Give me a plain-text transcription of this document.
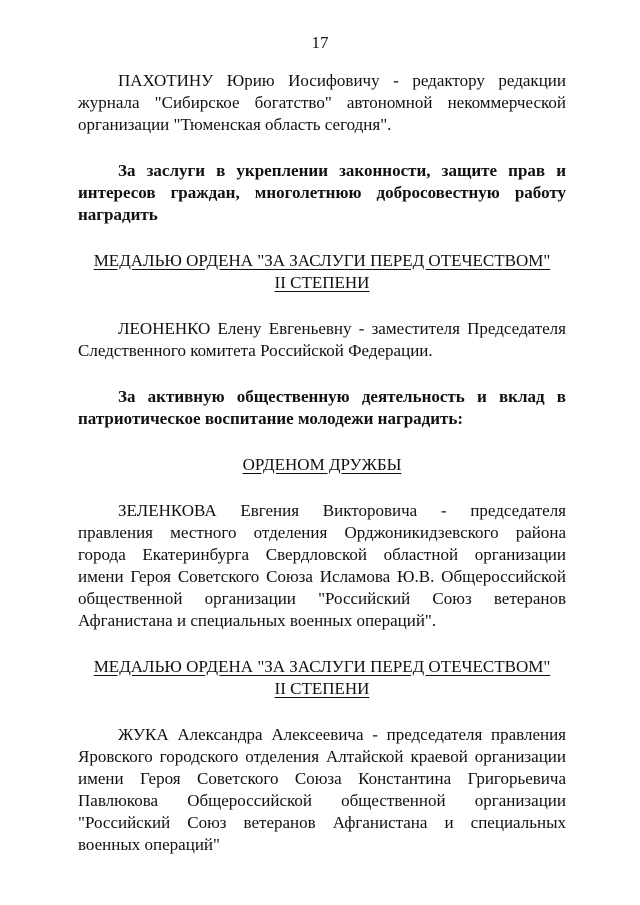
17

ПАХОТИНУ Юрию Иосифовичу - редактору редакции журнала "Сибирское богатство" автономной некоммерческой организации "Тюменская область сегодня".

За заслуги в укреплении законности, защите прав и интересов граждан, многолетнюю добросовестную работу наградить

МЕДАЛЬЮ ОРДЕНА "ЗА ЗАСЛУГИ ПЕРЕД ОТЕЧЕСТВОМ"
II СТЕПЕНИ

ЛЕОНЕНКО Елену Евгеньевну - заместителя Председателя Следственного комитета Российской Федерации.

За активную общественную деятельность и вклад в патриотическое воспитание молодежи наградить:

ОРДЕНОМ ДРУЖБЫ

ЗЕЛЕНКОВА Евгения Викторовича - председателя правления местного отделения Орджоникидзевского района города Екатеринбурга Свердловской областной организации имени Героя Советского Союза Исламова Ю.В. Общероссийской общественной организации "Российский Союз ветеранов Афганистана и специальных военных операций".

МЕДАЛЬЮ ОРДЕНА "ЗА ЗАСЛУГИ ПЕРЕД ОТЕЧЕСТВОМ"
II СТЕПЕНИ

ЖУКА Александра Алексеевича - председателя правления Яровского городского отделения Алтайской краевой организации имени Героя Советского Союза Константина Григорьевича Павлюкова Общероссийской общественной организации "Российский Союз ветеранов Афганистана и специальных военных операций"
